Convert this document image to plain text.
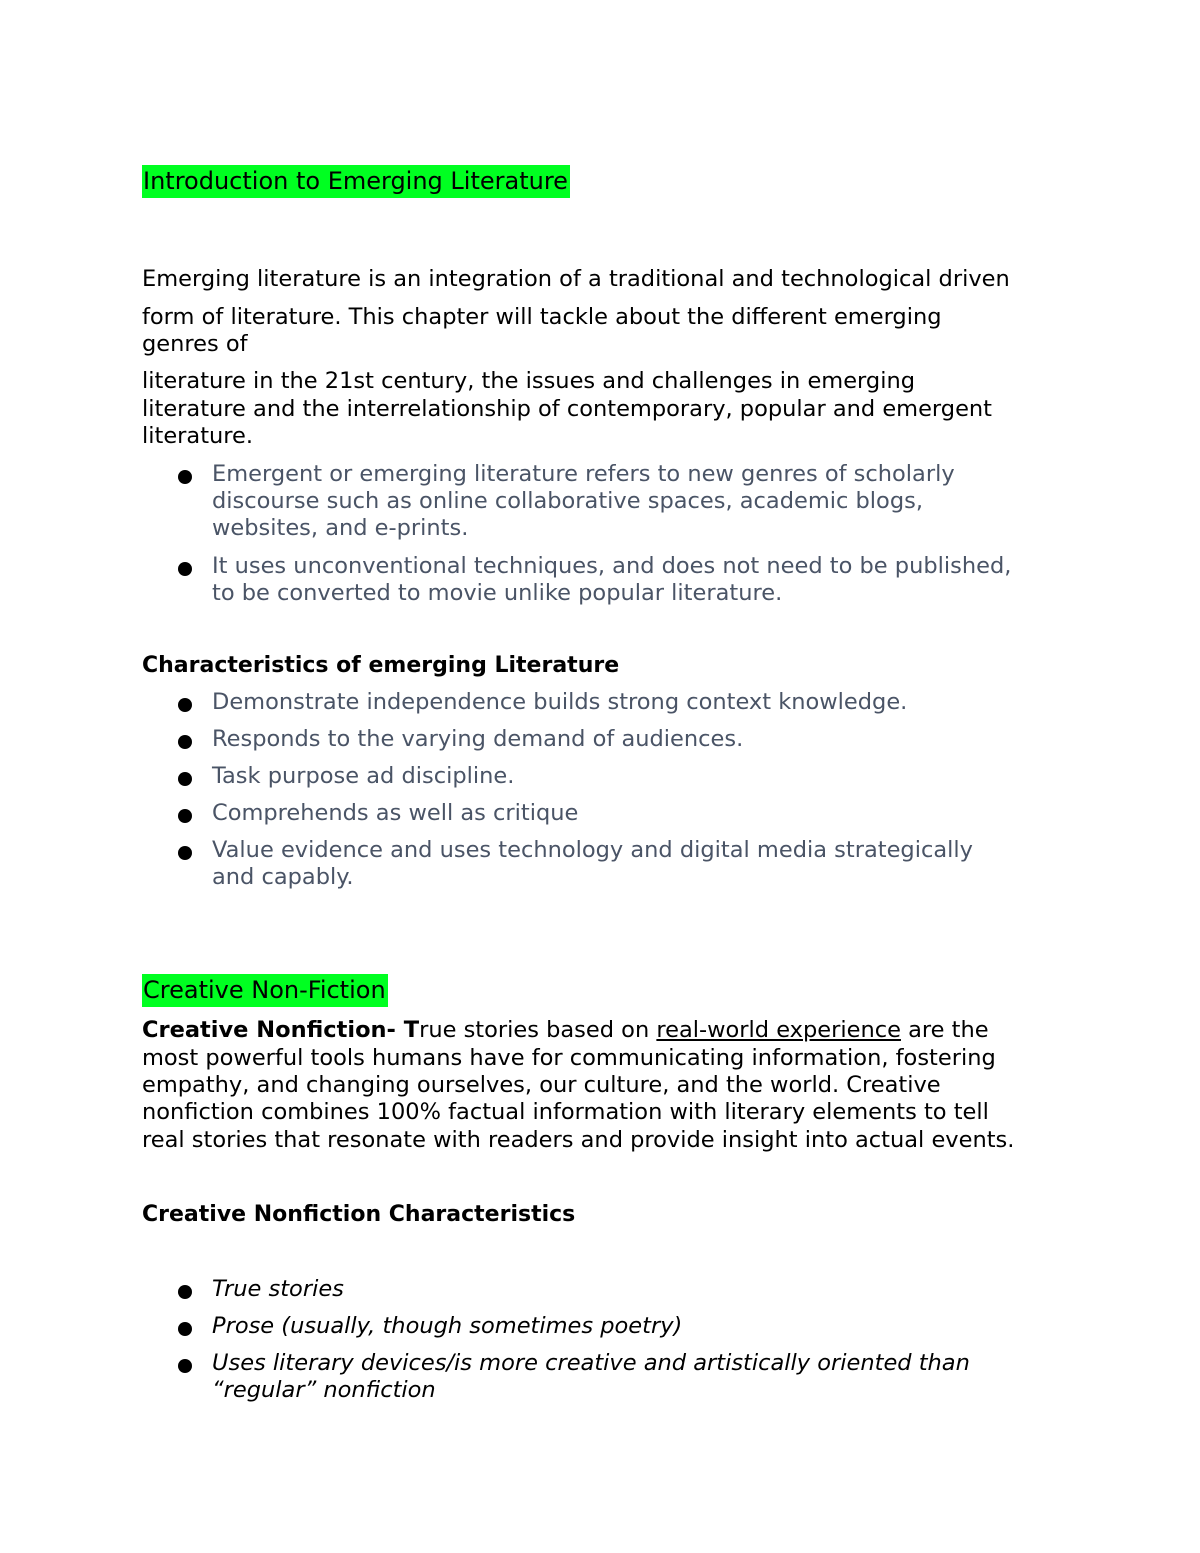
Introduction to Emerging Literature
Emerging literature is an integration of a traditional and technological driven
form of literature. This chapter will tackle about the different emerging
genres of
literature in the 21st century, the issues and challenges in emerging
literature and the interrelationship of contemporary, popular and emergent
literature.
Emergent or emerging literature refers to new genres of scholarly
discourse such as online collaborative spaces, academic blogs,
websites, and e-prints.
It uses unconventional techniques, and does not need to be published,
to be converted to movie unlike popular literature.
Characteristics of emerging Literature
Demonstrate independence builds strong context knowledge.
Responds to the varying demand of audiences.
Task purpose ad discipline.
Comprehends as well as critique
Value evidence and uses technology and digital media strategically
and capably.
Creative Non-Fiction
Creative Nonfiction- True stories based on real-world experience are the
most powerful tools humans have for communicating information, fostering
empathy, and changing ourselves, our culture, and the world. Creative
nonfiction combines 100% factual information with literary elements to tell
real stories that resonate with readers and provide insight into actual events.
Creative Nonfiction Characteristics
True stories
Prose (usually, though sometimes poetry)
Uses literary devices/is more creative and artistically oriented than
“regular” nonfiction
